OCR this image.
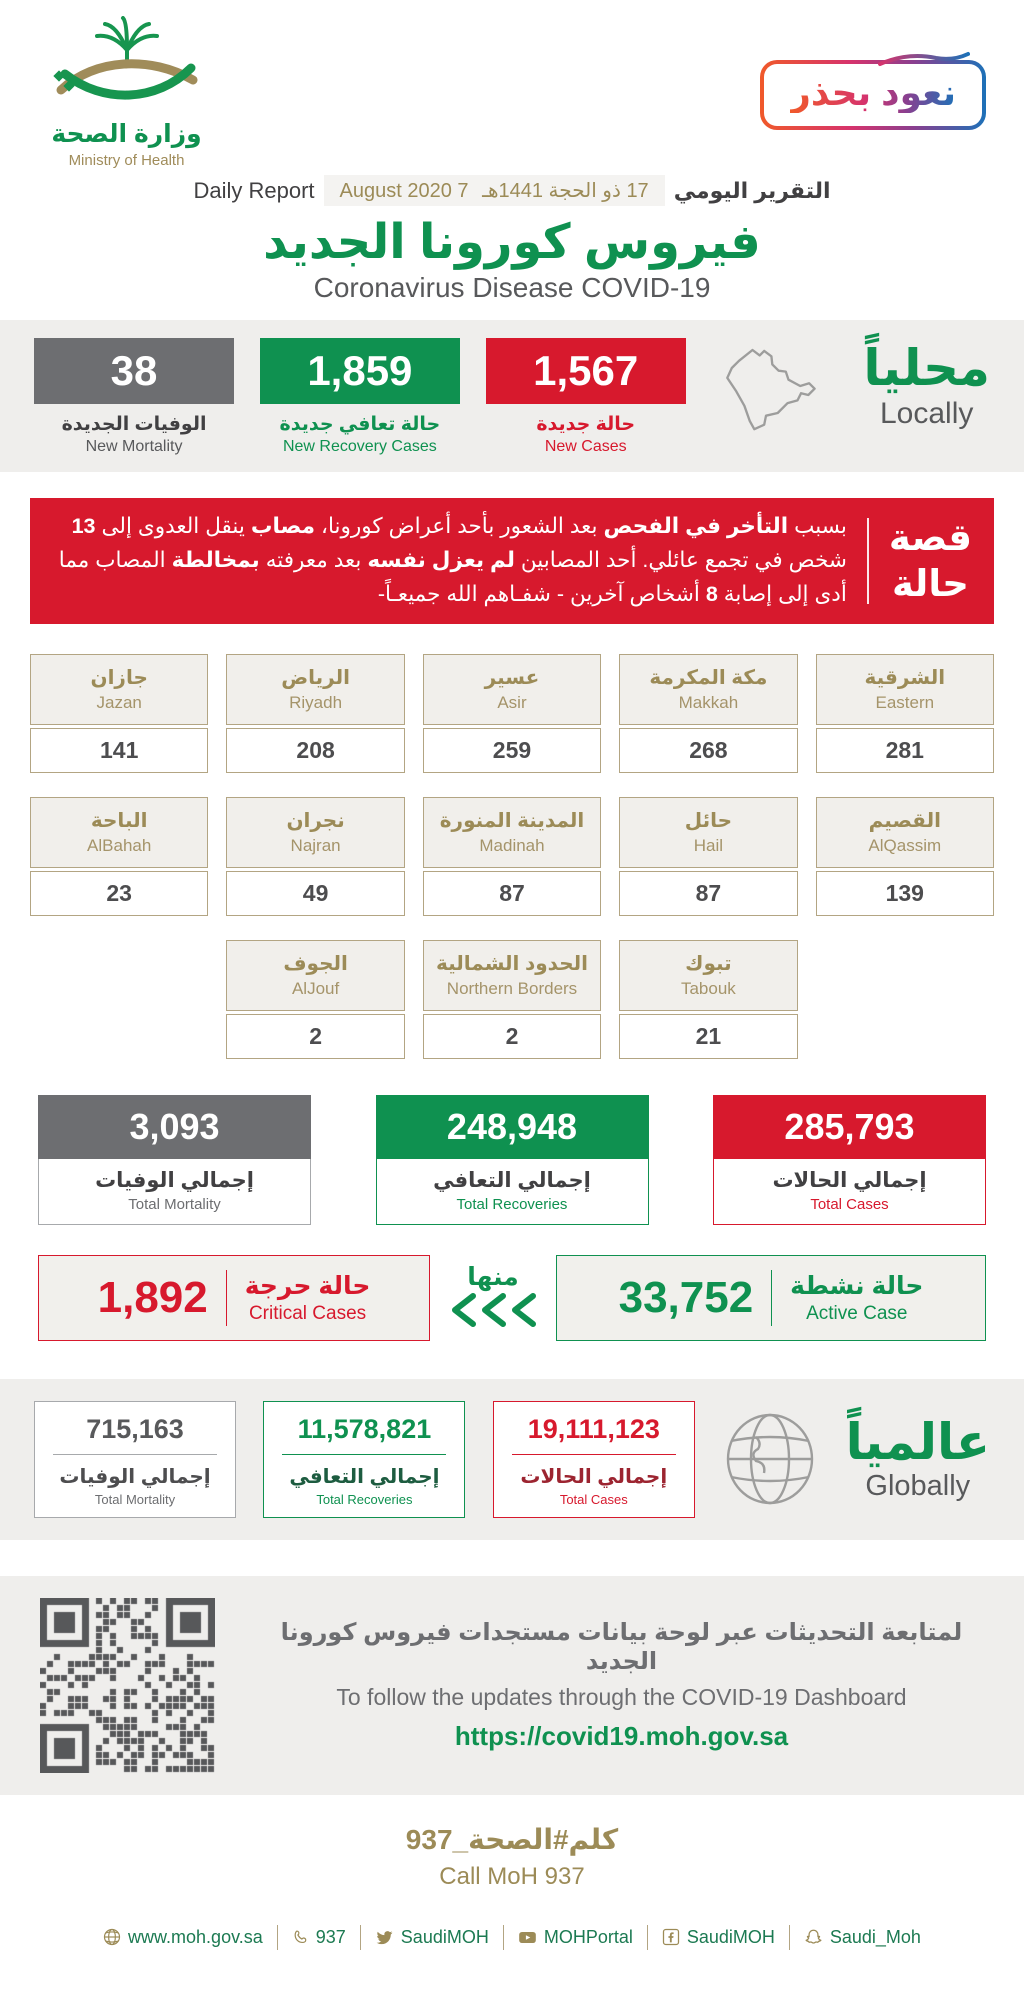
وزارة الصحة
Ministry of Health
نعود بحذر
Daily Report	17 ذو الحجة 1441هـ 7 August 2020	التقرير اليومي
فيروس كورونا الجديد
Coronavirus Disease COVID-19
محلياً
Locally
1,567
حالة جديدة
New Cases
1,859
حالة تعافي جديدة
New Recovery Cases
38
الوفيات الجديدة
New Mortality
قصة
حالة

بسبب التأخر في الفحص بعد الشعور بأحد أعراض كورونا، مصاب ينقل العدوى إلى 13 شخص في تجمع عائلي. أحد المصابين لم يعزل نفسه بعد معرفته بمخالطة المصاب مما أدى إلى إصابة 8 أشخاص آخرين - شفـاهم الله جميعـاً-

جازان
Jazan
141
الرياض
Riyadh
208
عسير
Asir
259
مكة المكرمة
Makkah
268
الشرقية
Eastern
281
الباحة
AlBahah
23
نجران
Najran
49
المدينة المنورة
Madinah
87
حائل
Hail
87
القصيم
AlQassim
139
الجوف
AlJouf
2
الحدود الشمالية
Northern Borders
2
تبوك
Tabouk
21
3,093
إجمالي الوفيات
Total Mortality
248,948
إجمالي التعافي
Total Recoveries
285,793
إجمالي الحالات
Total Cases
حالة نشطة
Active Case
33,752
منها
حالة حرجة
Critical Cases
1,892
عالمياً
Globally
19,111,123
إجمالي الحالات
Total Cases
11,578,821
إجمالي التعافي
Total Recoveries
715,163
إجمالي الوفيات
Total Mortality
لمتابعة التحديثات عبر لوحة بيانات مستجدات فيروس كورونا الجديد
To follow the updates through the COVID-19 Dashboard
https://covid19.moh.gov.sa
كلم#الصحة_937
Call MoH 937
www.moh.gov.sa	937	SaudiMOH	MOHPortal	SaudiMOH	Saudi_Moh
